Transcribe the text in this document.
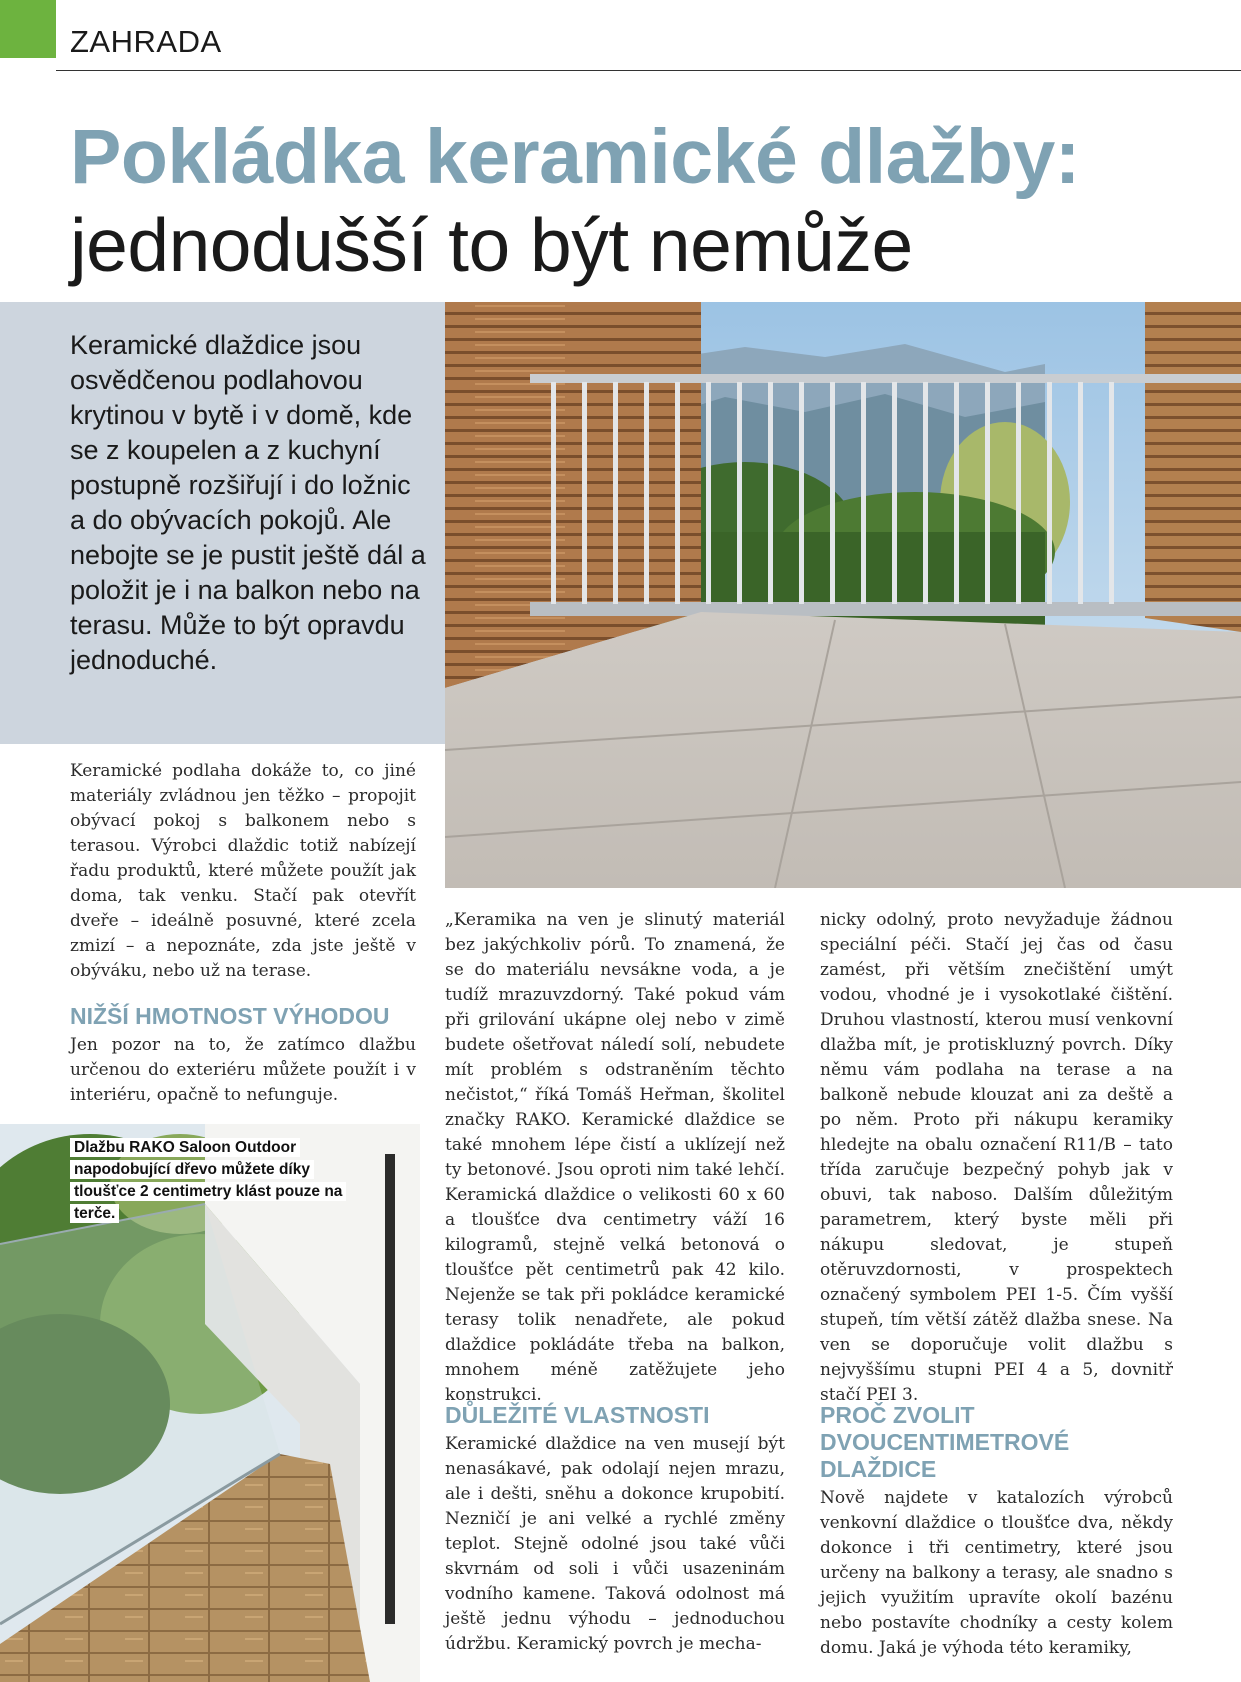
ZAHRADA
Pokládka keramické dlažby:
jednodušší to být nemůže

Keramické dlaždice jsou osvědčenou podlahovou krytinou v bytě i v domě, kde se z koupelen a z kuchyní postupně rozšiřují i do ložnic a do obývacích pokojů. Ale nebojte se je pustit ještě dál a položit je i na balkon nebo na terasu. Může to být opravdu jednoduché.

Dlažbu RAKO Saloon Outdoor napodobující dřevo můžete díky tloušťce 2 centimetry klást pouze na terče.

Keramické podlaha dokáže to, co jiné materiály zvládnou jen těžko – propojit obývací pokoj s balkonem nebo s terasou. Výrobci dlaždic totiž nabízejí řadu produktů, které můžete použít jak doma, tak venku. Stačí pak otevřít dveře – ideálně posuvné, které zcela zmizí – a nepoznáte, zda jste ještě v obýváku, nebo už na terase.

NIŽŠÍ HMOTNOST VÝHODOU

Jen pozor na to, že zatímco dlažbu určenou do exteriéru můžete použít i v interiéru, opačně to nefunguje.

„Keramika na ven je slinutý materiál bez jakýchkoliv pórů. To znamená, že se do materiálu nevsákne voda, a je tudíž mrazuvzdorný. Také pokud vám při grilování ukápne olej nebo v zimě budete ošetřovat náledí solí, nebudete mít problém s odstraněním těchto nečistot,“ říká Tomáš Heřman, školitel značky RAKO. Keramické dlaždice se také mnohem lépe čistí a uklízejí než ty betonové. Jsou oproti nim také lehčí. Keramická dlaždice o velikosti 60 x 60 a tloušťce dva centimetry váží 16 kilogramů, stejně velká betonová o tloušťce pět centimetrů pak 42 kilo. Nejenže se tak při pokládce keramické terasy tolik nenadřete, ale pokud dlaždice pokládáte třeba na balkon, mnohem méně zatěžujete jeho konstrukci.

DŮLEŽITÉ VLASTNOSTI

Keramické dlaždice na ven musejí být nenasákavé, pak odolají nejen mrazu, ale i dešti, sněhu a dokonce krupobití. Nezničí je ani velké a rychlé změny teplot. Stejně odolné jsou také vůči skvrnám od soli i vůči usazeninám vodního kamene. Taková odolnost má ještě jednu výhodu – jednoduchou údržbu. Keramický povrch je mecha-

nicky odolný, proto nevyžaduje žádnou speciální péči. Stačí jej čas od času zamést, při větším znečištění umýt vodou, vhodné je i vysokotlaké čištění. Druhou vlastností, kterou musí venkovní dlažba mít, je protiskluzný povrch. Díky němu vám podlaha na terase a na balkoně nebude klouzat ani za deště a po něm. Proto při nákupu keramiky hledejte na obalu označení R11/B – tato třída zaručuje bezpečný pohyb jak v obuvi, tak naboso. Dalším důležitým parametrem, který byste měli při nákupu sledovat, je stupeň otěruvzdornosti, v prospektech označený symbolem PEI 1-5. Čím vyšší stupeň, tím větší zátěž dlažba snese. Na ven se doporučuje volit dlažbu s nejvyššímu stupni PEI 4 a 5, dovnitř stačí PEI 3.

PROČ ZVOLIT DVOUCENTIMETROVÉ DLAŽDICE

Nově najdete v katalozích výrobců venkovní dlaždice o tloušťce dva, někdy dokonce i tři centimetry, které jsou určeny na balkony a terasy, ale snadno s jejich využitím upravíte okolí bazénu nebo postavíte chodníky a cesty kolem domu. Jaká je výhoda této keramiky,
